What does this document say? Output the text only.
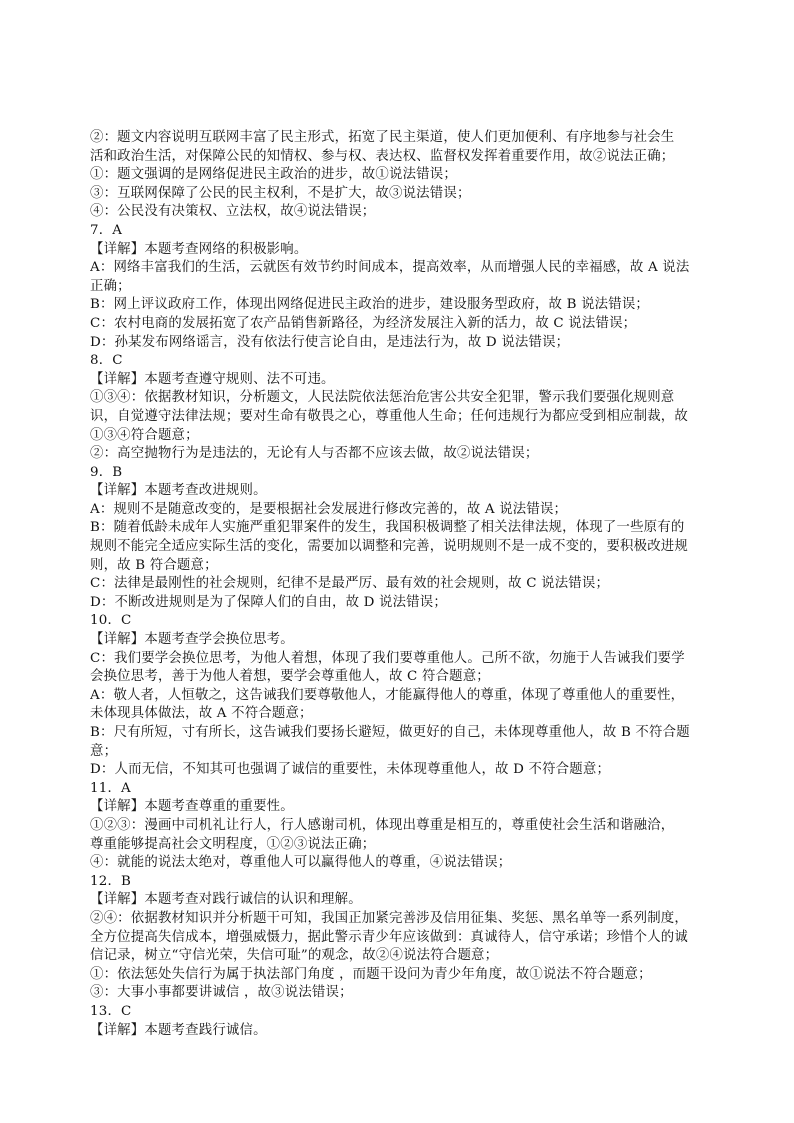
②：题文内容说明互联网丰富了民主形式，拓宽了民主渠道，使人们更加便利、有序地参与社会生
活和政治生活，对保障公民的知情权、参与权、表达权、监督权发挥着重要作用，故②说法正确；
①：题文强调的是网络促进民主政治的进步，故①说法错误；
③：互联网保障了公民的民主权利，不是扩大，故③说法错误；
④：公民没有决策权、立法权，故④说法错误；
7．A
【详解】本题考查网络的积极影响。
A：网络丰富我们的生活，云就医有效节约时间成本，提高效率，从而增强人民的幸福感，故 A 说法
正确；
B：网上评议政府工作，体现出网络促进民主政治的进步，建设服务型政府，故 B 说法错误；
C：农村电商的发展拓宽了农产品销售新路径，为经济发展注入新的活力，故 C 说法错误；
D：孙某发布网络谣言，没有依法行使言论自由，是违法行为，故 D 说法错误；
8．C
【详解】本题考查遵守规则、法不可违。
①③④：依据教材知识，分析题文，人民法院依法惩治危害公共安全犯罪，警示我们要强化规则意
识，自觉遵守法律法规；要对生命有敬畏之心，尊重他人生命；任何违规行为都应受到相应制裁，故
①③④符合题意；
②：高空抛物行为是违法的，无论有人与否都不应该去做，故②说法错误；
9．B
【详解】本题考查改进规则。
A：规则不是随意改变的，是要根据社会发展进行修改完善的，故 A 说法错误；
B：随着低龄未成年人实施严重犯罪案件的发生，我国积极调整了相关法律法规，体现了一些原有的
规则不能完全适应实际生活的变化，需要加以调整和完善，说明规则不是一成不变的，要积极改进规
则，故 B 符合题意；
C：法律是最刚性的社会规则，纪律不是最严厉、最有效的社会规则，故 C 说法错误；
D：不断改进规则是为了保障人们的自由，故 D 说法错误；
10．C
【详解】本题考查学会换位思考。
C：我们要学会换位思考，为他人着想，体现了我们要尊重他人。己所不欲，勿施于人告诫我们要学
会换位思考，善于为他人着想，要学会尊重他人，故 C 符合题意；
A：敬人者，人恒敬之，这告诫我们要尊敬他人，才能赢得他人的尊重，体现了尊重他人的重要性，
未体现具体做法，故 A 不符合题意；
B：尺有所短，寸有所长，这告诫我们要扬长避短，做更好的自己，未体现尊重他人，故 B 不符合题
意；
D：人而无信，不知其可也强调了诚信的重要性，未体现尊重他人，故 D 不符合题意；
11．A
【详解】本题考查尊重的重要性。
①②③：漫画中司机礼让行人，行人感谢司机，体现出尊重是相互的，尊重使社会生活和谐融洽，
尊重能够提高社会文明程度，①②③说法正确；
④：就能的说法太绝对，尊重他人可以赢得他人的尊重，④说法错误；
12．B
【详解】本题考查对践行诚信的认识和理解。
②④：依据教材知识并分析题干可知，我国正加紧完善涉及信用征集、奖惩、黑名单等一系列制度，
全方位提高失信成本，增强威慑力，据此警示青少年应该做到：真诚待人，信守承诺；珍惜个人的诚
信记录，树立“守信光荣，失信可耻”的观念，故②④说法符合题意；
①：依法惩处失信行为属于执法部门角度 ，而题干设问为青少年角度，故①说法不符合题意；
③：大事小事都要讲诚信 ，故③说法错误；
13．C
【详解】本题考查践行诚信。
